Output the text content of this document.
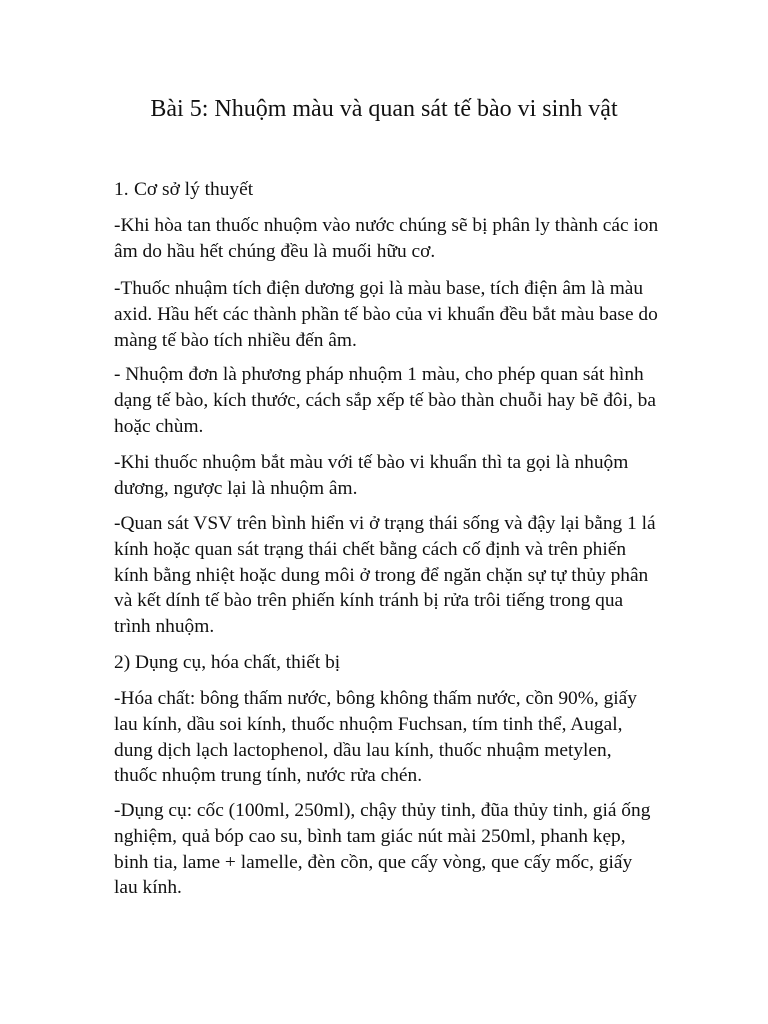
Bài 5: Nhuộm màu và quan sát tế bào vi sinh vật
1. Cơ sở lý thuyết

-Khi hòa tan thuốc nhuộm vào nước chúng sẽ bị phân ly thành các ion
âm do hầu hết chúng đều là muối hữu cơ.

-Thuốc nhuậm tích điện dương gọi là màu base, tích điện âm là màu
axid. Hầu hết các thành phần tế bào của vi khuẩn đều bắt màu base do
màng tế bào tích nhiều đến âm.

- Nhuộm đơn là phương pháp nhuộm 1 màu, cho phép quan sát hình
dạng tế bào, kích thước, cách sắp xếp tế bào thàn chuỗi hay bẽ đôi, ba
hoặc chùm.

-Khi thuốc nhuộm bắt màu với tế bào vi khuẩn thì ta gọi là nhuộm
dương, ngược lại là nhuộm âm.

-Quan sát VSV trên bình hiển vi ở trạng thái sống và đậy lại bằng 1 lá
kính hoặc quan sát trạng thái chết bằng cách cố định và trên phiến
kính bằng nhiệt hoặc dung môi ở trong để ngăn chặn sự tự thủy phân
và kết dính tế bào trên phiến kính tránh bị rửa trôi tiếng trong qua
trình nhuộm.

2) Dụng cụ, hóa chất, thiết bị

-Hóa chất: bông thấm nước, bông không thấm nước, cồn 90%, giấy
lau kính, dầu soi kính, thuốc nhuộm Fuchsan, tím tinh thể, Augal,
dung dịch lạch lactophenol, dầu lau kính, thuốc nhuậm metylen,
thuốc nhuộm trung tính, nước rửa chén.

-Dụng cụ: cốc (100ml, 250ml), chậy thủy tinh, đũa thủy tinh, giá ống
nghiệm, quả bóp cao su, bình tam giác nút mài 250ml, phanh kẹp,
binh tia, lame + lamelle, đèn cồn, que cấy vòng, que cấy mốc, giấy
lau kính.
